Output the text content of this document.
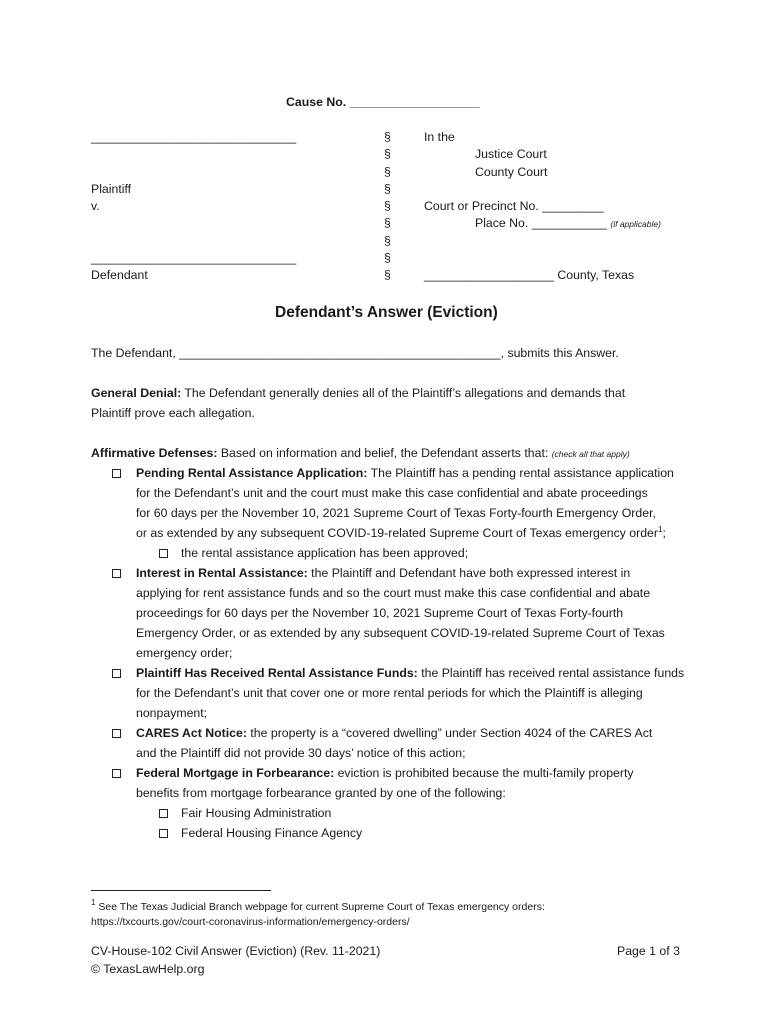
Cause No. ___________________
______________________________
Plaintiff
v.
______________________________
Defendant
§
§
§
§
§
§
§
§
§
In the
Justice Court
County Court
Court or Precinct No. _________
Place No. ___________ (if applicable)
___________________ County, Texas
Defendant’s Answer (Eviction)
The Defendant, _______________________________________________, submits this Answer.
General Denial: The Defendant generally denies all of the Plaintiff’s allegations and demands that
Plaintiff prove each allegation.
Affirmative Defenses: Based on information and belief, the Defendant asserts that: (check all that apply)
Pending Rental Assistance Application: The Plaintiff has a pending rental assistance application
for the Defendant’s unit and the court must make this case confidential and abate proceedings
for 60 days per the November 10, 2021 Supreme Court of Texas Forty-fourth Emergency Order,
or as extended by any subsequent COVID-19-related Supreme Court of Texas emergency order$^1$;
the rental assistance application has been approved;
Interest in Rental Assistance: the Plaintiff and Defendant have both expressed interest in
applying for rent assistance funds and so the court must make this case confidential and abate
proceedings for 60 days per the November 10, 2021 Supreme Court of Texas Forty-fourth
Emergency Order, or as extended by any subsequent COVID-19-related Supreme Court of Texas
emergency order;
Plaintiff Has Received Rental Assistance Funds: the Plaintiff has received rental assistance funds
for the Defendant’s unit that cover one or more rental periods for which the Plaintiff is alleging
nonpayment;
CARES Act Notice: the property is a “covered dwelling” under Section 4024 of the CARES Act
and the Plaintiff did not provide 30 days’ notice of this action;
Federal Mortgage in Forbearance: eviction is prohibited because the multi-family property
benefits from mortgage forbearance granted by one of the following:
Fair Housing Administration
Federal Housing Finance Agency
$^1$ See The Texas Judicial Branch webpage for current Supreme Court of Texas emergency orders:
https://txcourts.gov/court-coronavirus-information/emergency-orders/
CV-House-102 Civil Answer (Eviction) (Rev. 11-2021)
© TexasLawHelp.org
Page 1 of 3
